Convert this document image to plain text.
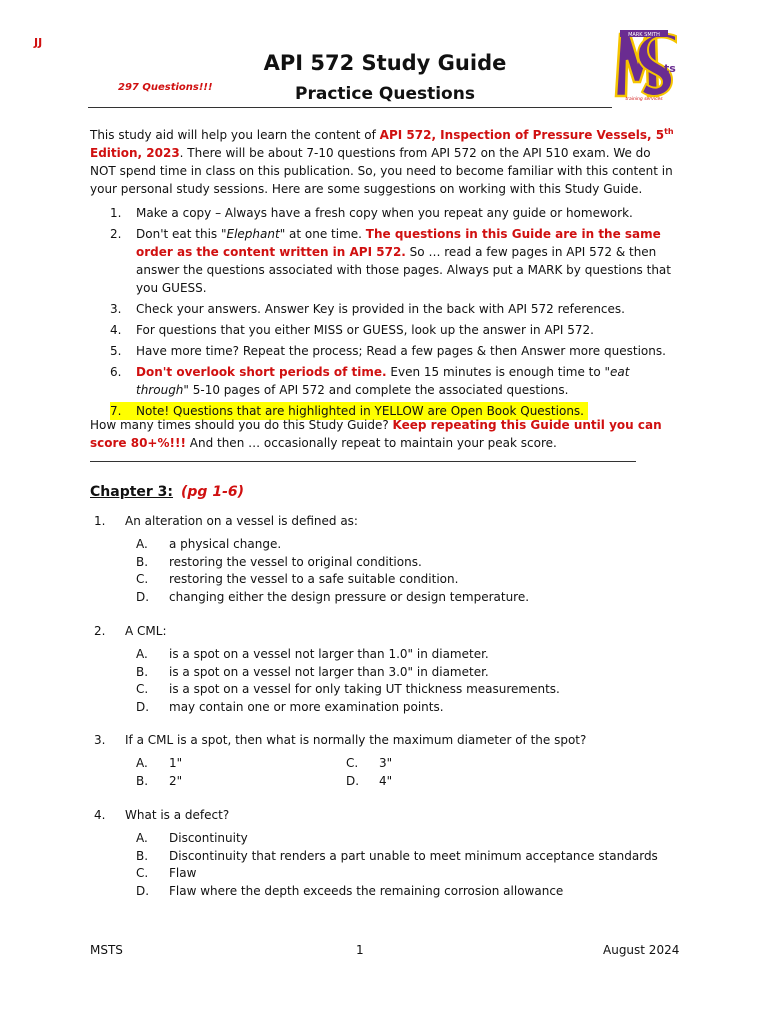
JJ
297 Questions!!!
API 572 Study Guide
Practice Questions
MARK SMITH
training services
ts
This study aid will help you learn the content of API 572, Inspection of Pressure Vessels, 5th Edition, 2023. There will be about 7-10 questions from API 572 on the API 510 exam. We do NOT spend time in class on this publication. So, you need to become familiar with this content in your personal study sessions. Here are some suggestions on working with this Study Guide.
1. Make a copy – Always have a fresh copy when you repeat any guide or homework.
2. Don't eat this "Elephant" at one time. The questions in this Guide are in the same order as the content written in API 572. So … read a few pages in API 572 & then answer the questions associated with those pages. Always put a MARK by questions that you GUESS.
3. Check your answers. Answer Key is provided in the back with API 572 references.
4. For questions that you either MISS or GUESS, look up the answer in API 572.
5. Have more time? Repeat the process; Read a few pages & then Answer more questions.
6. Don't overlook short periods of time. Even 15 minutes is enough time to "eat through" 5-10 pages of API 572 and complete the associated questions.
7. Note! Questions that are highlighted in YELLOW are Open Book Questions.
How many times should you do this Study Guide? Keep repeating this Guide until you can score 80+%!!! And then … occasionally repeat to maintain your peak score.
Chapter 3: (pg 1-6)
1. An alteration on a vessel is defined as:
A. a physical change.
B. restoring the vessel to original conditions.
C. restoring the vessel to a safe suitable condition.
D. changing either the design pressure or design temperature.
2. A CML:
A. is a spot on a vessel not larger than 1.0" in diameter.
B. is a spot on a vessel not larger than 3.0" in diameter.
C. is a spot on a vessel for only taking UT thickness measurements.
D. may contain one or more examination points.
3. If a CML is a spot, then what is normally the maximum diameter of the spot?
A. 1"	C. 3"
B. 2"	D. 4"
4. What is a defect?
A. Discontinuity
B. Discontinuity that renders a part unable to meet minimum acceptance standards
C. Flaw
D. Flaw where the depth exceeds the remaining corrosion allowance
MSTS	1	August 2024
